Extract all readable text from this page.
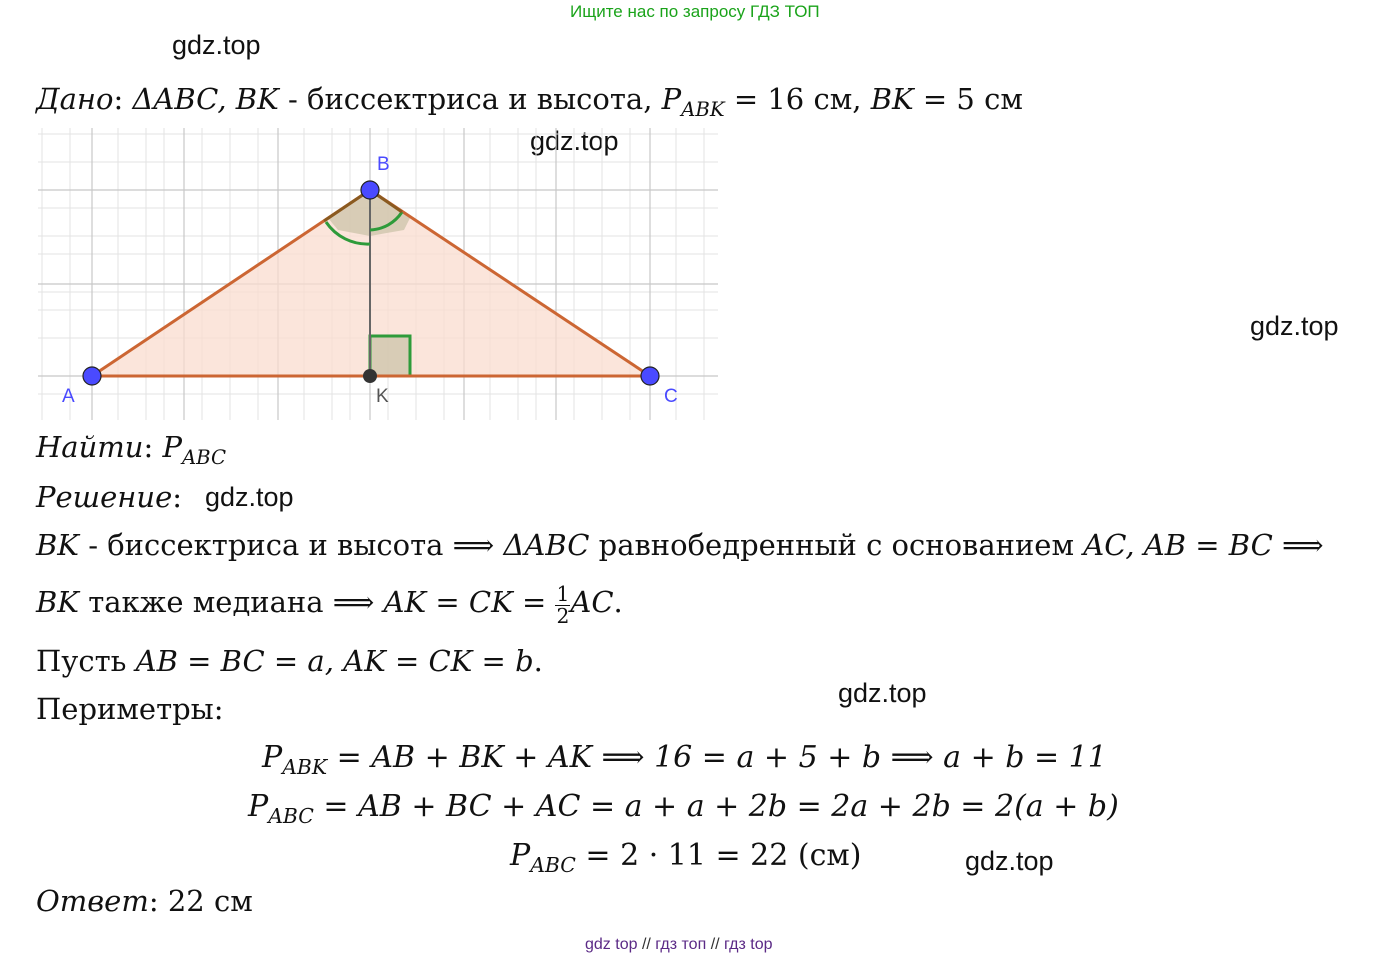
Ищите нас по запросу ГДЗ ТОП
gdz.top
gdz.top
gdz.top
gdz.top
gdz.top
gdz.top
Дано: ΔABC, BK - биссектриса и высота, $P_{ABK} = 16$ см, BK = 5 см
A
B
C
K
Найти: $P_{ABC}$
Решение:
BK - биссектриса и высота ⟹ ΔABC равнобедренный с основанием AC, AB = BC ⟹
BK также медиана ⟹ AK = CK = $\frac{1}{2}$ AC.
Пусть AB = BC = a, AK = CK = b.
Периметры:
$P_{ABK}$ = AB + BK + AK ⟹ 16 = a + 5 + b ⟹ a + b = 11
$P_{ABC}$ = AB + BC + AC = a + a + 2b = 2a + 2b = 2(a + b)
$P_{ABC} = 2 \cdot 11 = 22$ (см)
Ответ: 22 см
gdz top // гдз топ // гдз top
